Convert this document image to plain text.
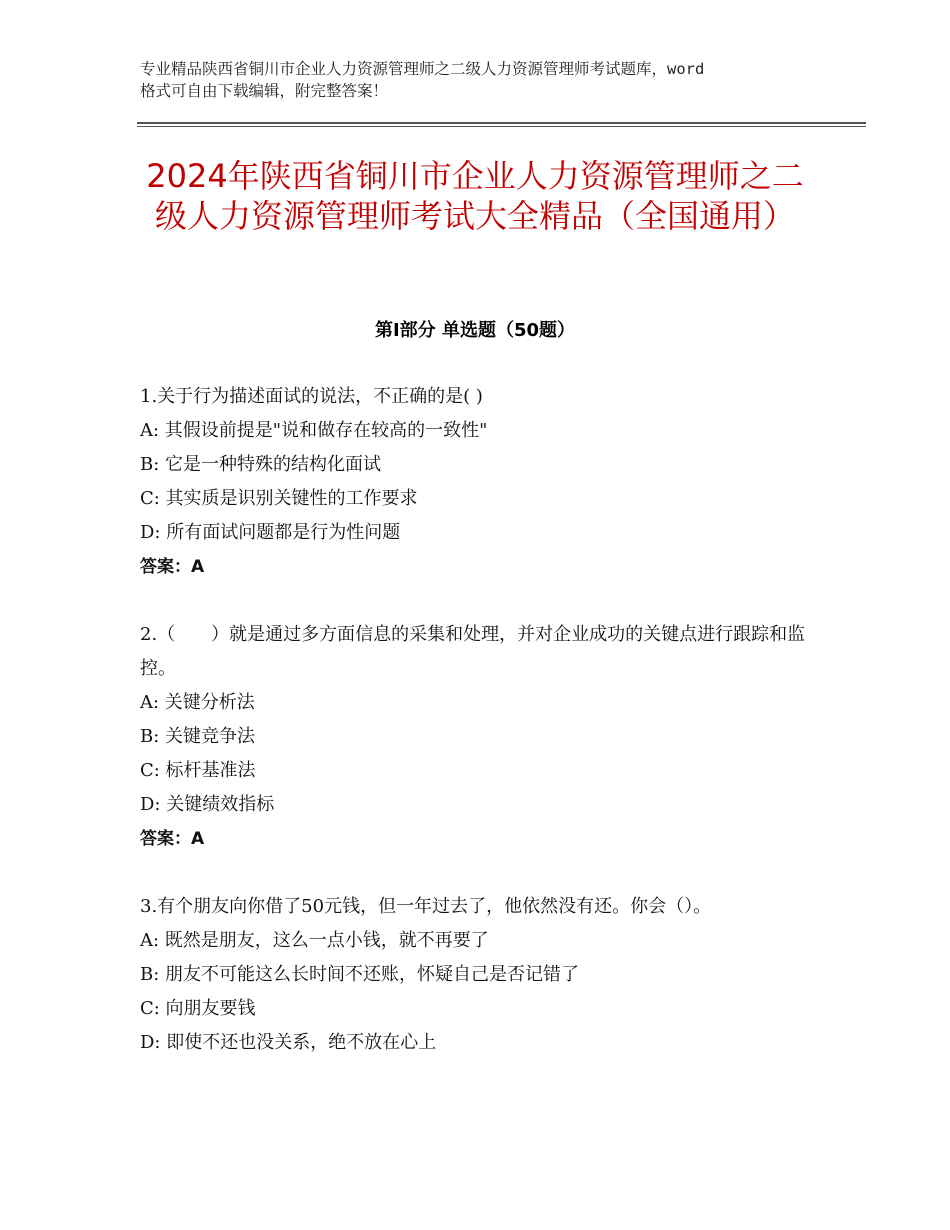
专业精品陕西省铜川市企业人力资源管理师之二级人力资源管理师考试题库，word
格式可自由下载编辑，附完整答案！
2024年陕西省铜川市企业人力资源管理师之二级人力资源管理师考试大全精品（全国通用）
第Ⅰ部分 单选题（50题）
1.关于行为描述面试的说法，不正确的是( )
A: 其假设前提是"说和做存在较高的一致性"
B: 它是一种特殊的结构化面试
C: 其实质是识别关键性的工作要求
D: 所有面试问题都是行为性问题
答案：A
2.（　　）就是通过多方面信息的采集和处理，并对企业成功的关键点进行跟踪和监控。
A: 关键分析法
B: 关键竞争法
C: 标杆基准法
D: 关键绩效指标
答案：A
3.有个朋友向你借了50元钱，但一年过去了，他依然没有还。你会（）。
A: 既然是朋友，这么一点小钱，就不再要了
B: 朋友不可能这么长时间不还账，怀疑自己是否记错了
C: 向朋友要钱
D: 即使不还也没关系，绝不放在心上
